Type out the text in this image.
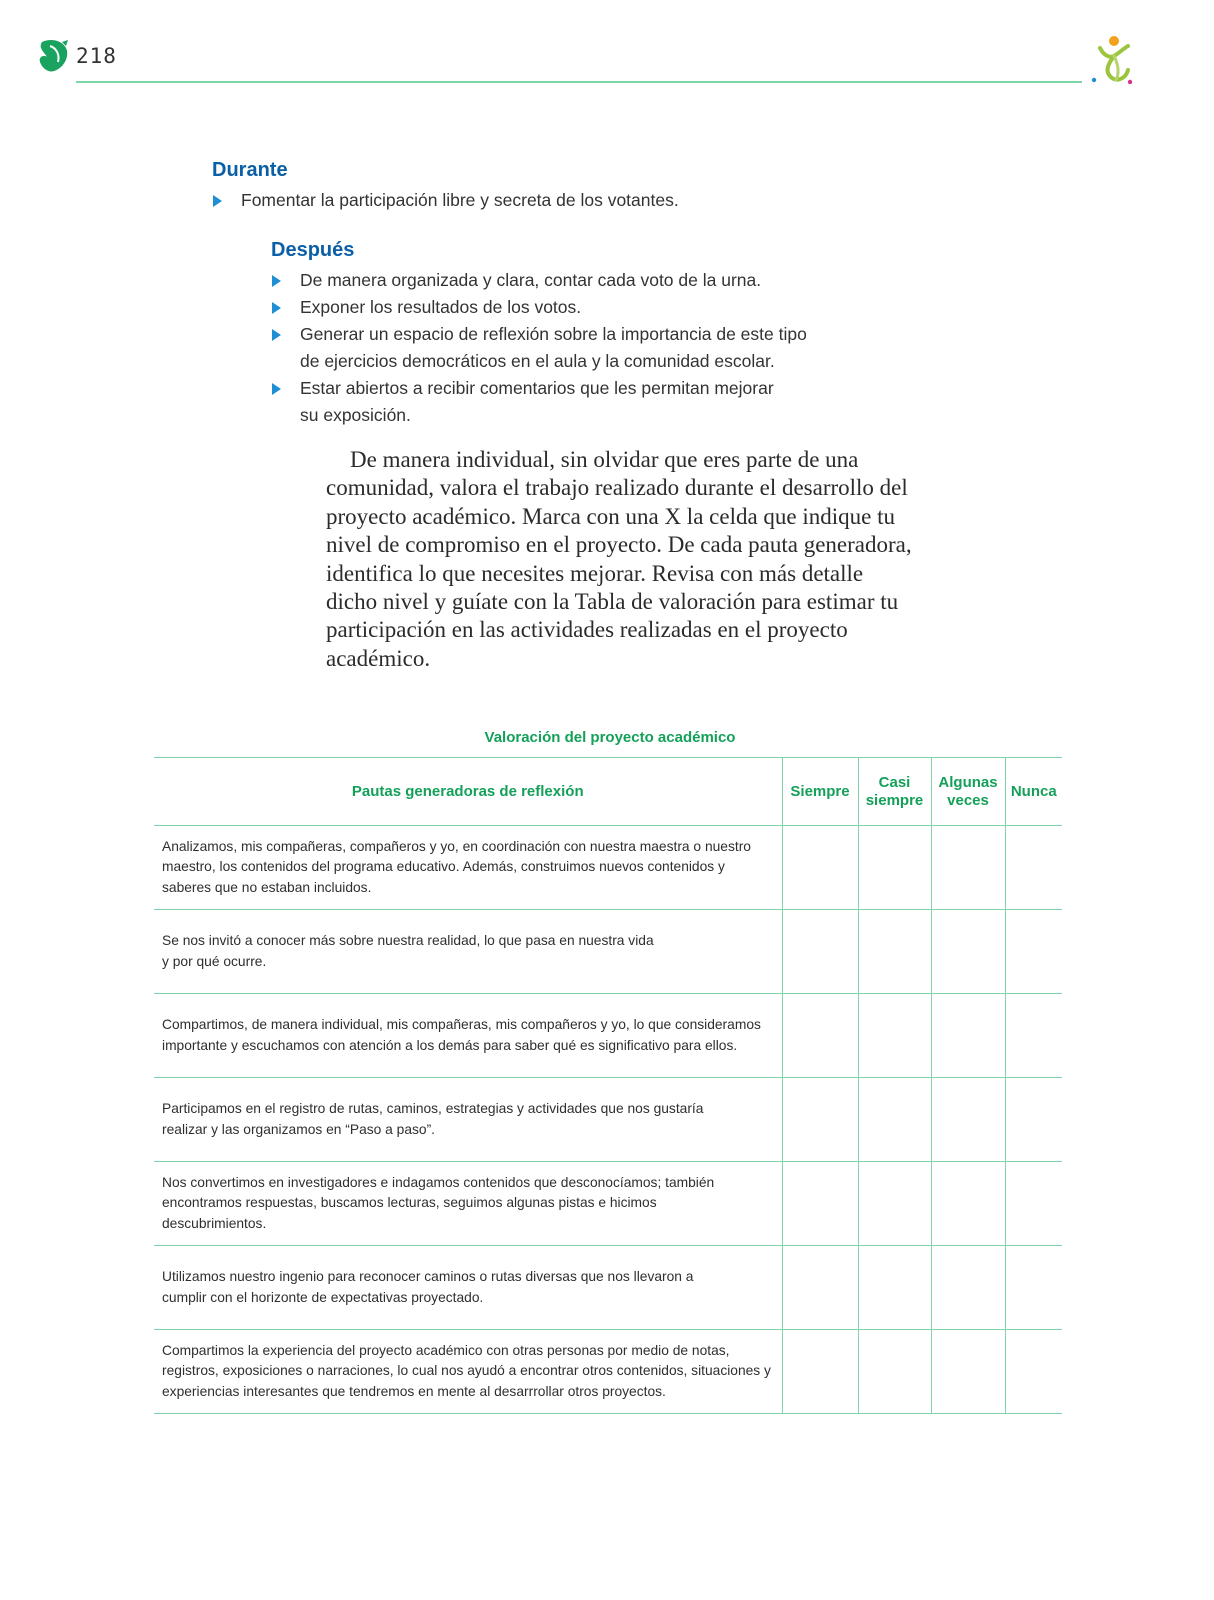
218
Durante
Fomentar la participación libre y secreta de los votantes.
Después
De manera organizada y clara, contar cada voto de la urna.
Exponer los resultados de los votos.
Generar un espacio de reflexión sobre la importancia de este tipo de ejercicios democráticos en el aula y la comunidad escolar.
Estar abiertos a recibir comentarios que les permitan mejorar su exposición.
De manera individual, sin olvidar que eres parte de una comunidad, valora el trabajo realizado durante el desarrollo del proyecto académico. Marca con una X la celda que indique tu nivel de compromiso en el proyecto. De cada pauta generadora, identifica lo que necesites mejorar. Revisa con más detalle dicho nivel y guíate con la Tabla de valoración para estimar tu participación en las actividades realizadas en el proyecto académico.
Valoración del proyecto académico
Pautas generadoras de reflexión	Siempre	Casi siempre	Algunas veces	Nunca
Analizamos, mis compañeras, compañeros y yo, en coordinación con nuestra maestra o nuestro maestro, los contenidos del programa educativo. Además, construimos nuevos contenidos y saberes que no estaban incluidos.				
Se nos invitó a conocer más sobre nuestra realidad, lo que pasa en nuestra vida y por qué ocurre.				
Compartimos, de manera individual, mis compañeras, mis compañeros y yo, lo que consideramos importante y escuchamos con atención a los demás para saber qué es significativo para ellos.				
Participamos en el registro de rutas, caminos, estrategias y actividades que nos gustaría realizar y las organizamos en “Paso a paso”.				
Nos convertimos en investigadores e indagamos contenidos que desconocíamos; también encontramos respuestas, buscamos lecturas, seguimos algunas pistas e hicimos descubrimientos.				
Utilizamos nuestro ingenio para reconocer caminos o rutas diversas que nos llevaron a cumplir con el horizonte de expectativas proyectado.				
Compartimos la experiencia del proyecto académico con otras personas por medio de notas, registros, exposiciones o narraciones, lo cual nos ayudó a encontrar otros contenidos, situaciones y experiencias interesantes que tendremos en mente al desarrrollar otros proyectos.				
